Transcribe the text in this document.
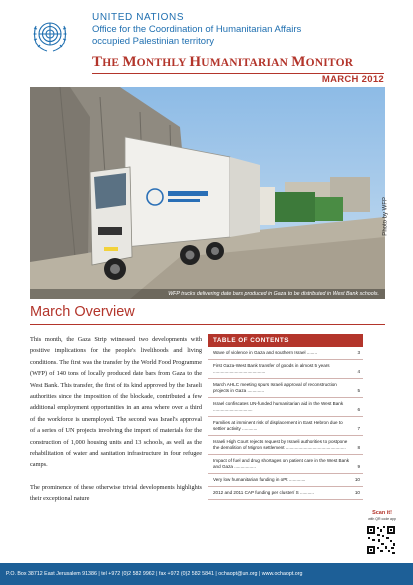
UNITED NATIONS
Office for the Coordination of Humanitarian Affairs
occupied Palestinian territory
THE MONTHLY HUMANITARIAN MONITOR
MARCH 2012
Photo by WFP
WFP trucks delivering date bars produced in Gaza to be distributed in West Bank schools.
March Overview

This month, the Gaza Strip witnessed two developments with positive implications for the people's livelihoods and living conditions. The first was the transfer by the World Food Programme (WFP) of 140 tons of locally produced date bars from Gaza to the West Bank. This transfer, the first of its kind approved by the Israeli authorities since the imposition of the blockade, contributed a few additional employment opportunities in an area where over a third of the workforce is unemployed. The second was Israel's approval of a series of UN projects involving the import of materials for the construction of 1,000 housing units and 13 schools, as well as the rehabilitation of water and sanitation infrastructure in four refugee camps.

The prominence of these otherwise trivial developments highlights their exceptional nature

TABLE OF CONTENTS
Wave of violence in Gaza and southern Israel ........	3
First Gaza-West Bank transfer of goods in almost 5 years .........................................	4
March AHLC meeting spurs Israeli approval of reconstruction projects in Gaza .............	5
Israel confiscates UN-funded humanitarian aid in the West Bank ...............................	6
Families at imminent risk of displacement in East Hebron due to settler activity ............	7
Israeli High Court rejects request by Israeli authorities to postpone the demolition of Migron settlement ...............................................	8
Impact of fuel and drug shortages on patient care in the West Bank and Gaza .................	9
Very low humanitarian funding in oPt .............	10
2012 and 2011 CAP funding per cluster/ S ...........	10
Scan it!
with QR code app
P.O. Box 38712 East Jerusalem 91386 | tel +972 (0)2 582 9962 | fax +972 (0)2 582 5841 | ochaopt@un.org | www.ochaopt.org
